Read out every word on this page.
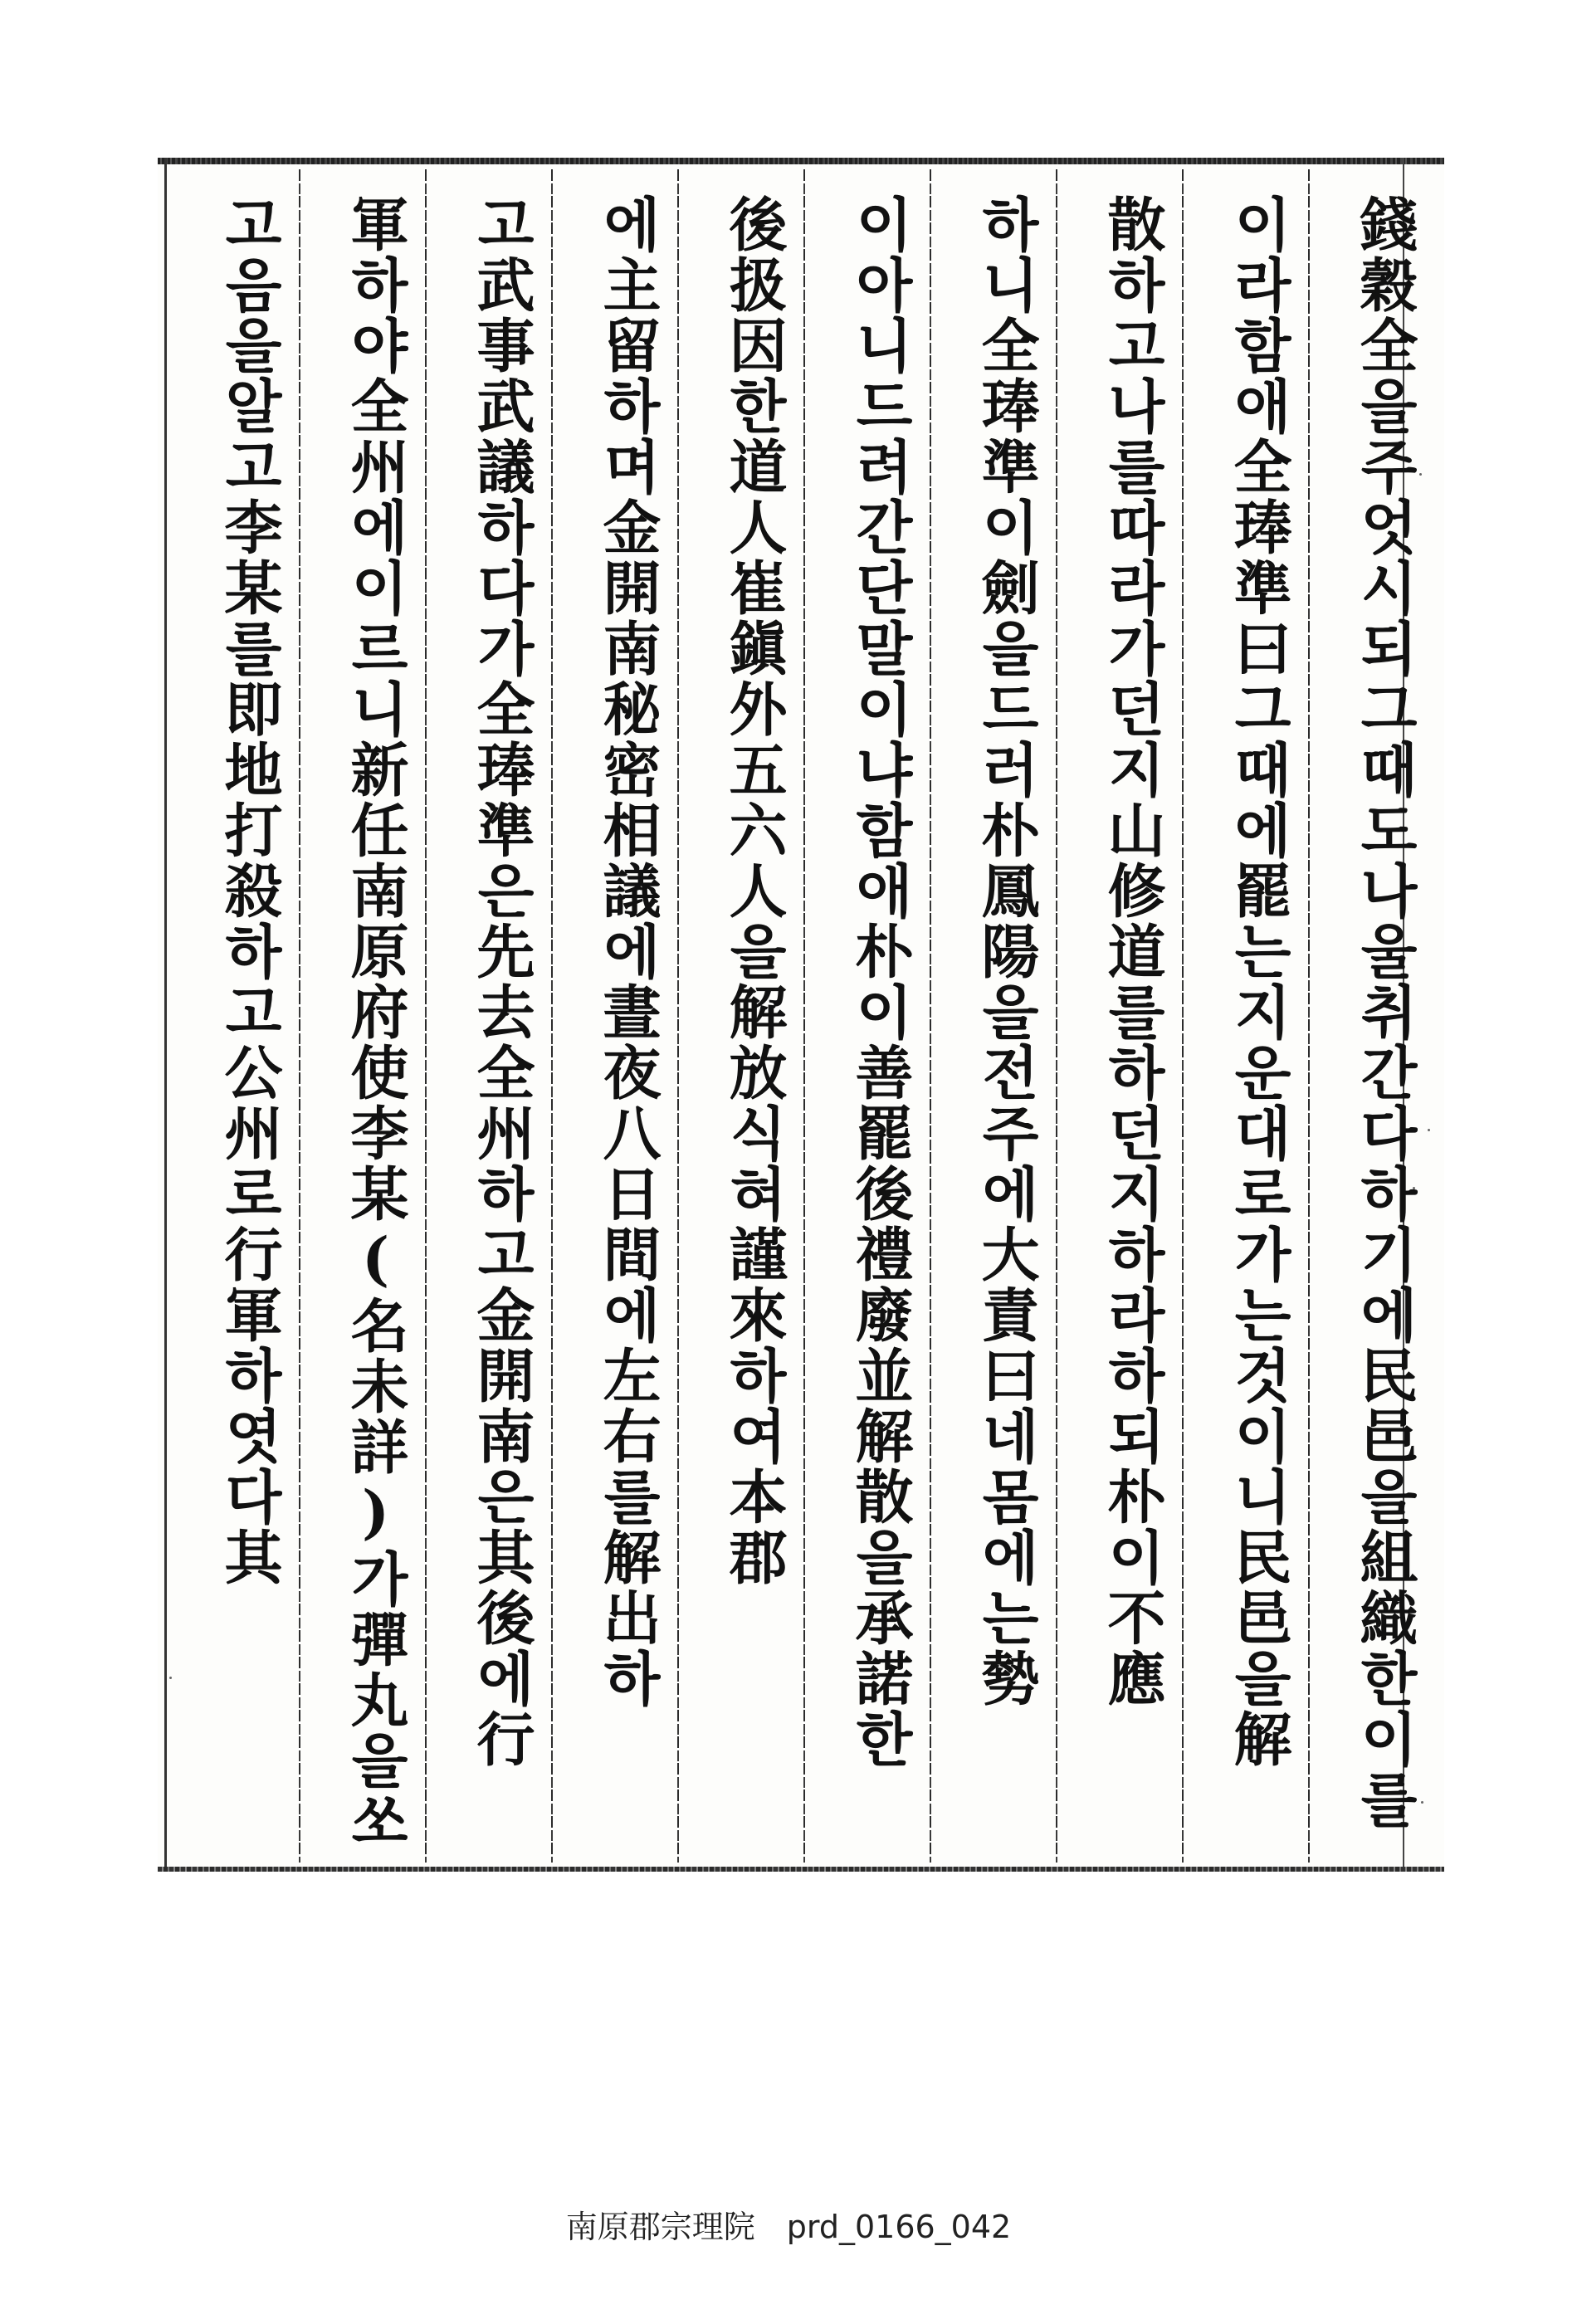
錢穀全을주엇시되그때도나울취간다하기에民邑을組織한이를
이라함애全琫準曰그때에罷는지운대로가는것이니民邑을解
散하고나를따라가던지山修道를하던지하라하되朴이不應
하니全琫準이劍을드러朴鳳陽을전주에大責曰네몸에는勢
이아니드려간단말이냐함애朴이善罷後禮廢並解散을承諾한
後扱因한道人崔鎭外五六人을解放식혀謹來하여本郡
에主留하며金開南秘密相議에晝夜八日間에左右를解出하
고武事武議하다가全琫準은先去全州하고金開南은其後에行
軍하야全州에이르니新任南原府使李某(名未詳)가彈丸을쏘
고음을알고李某를即地打殺하고公州로行軍하엿다其
南原郡宗理院　prd_0166_042
